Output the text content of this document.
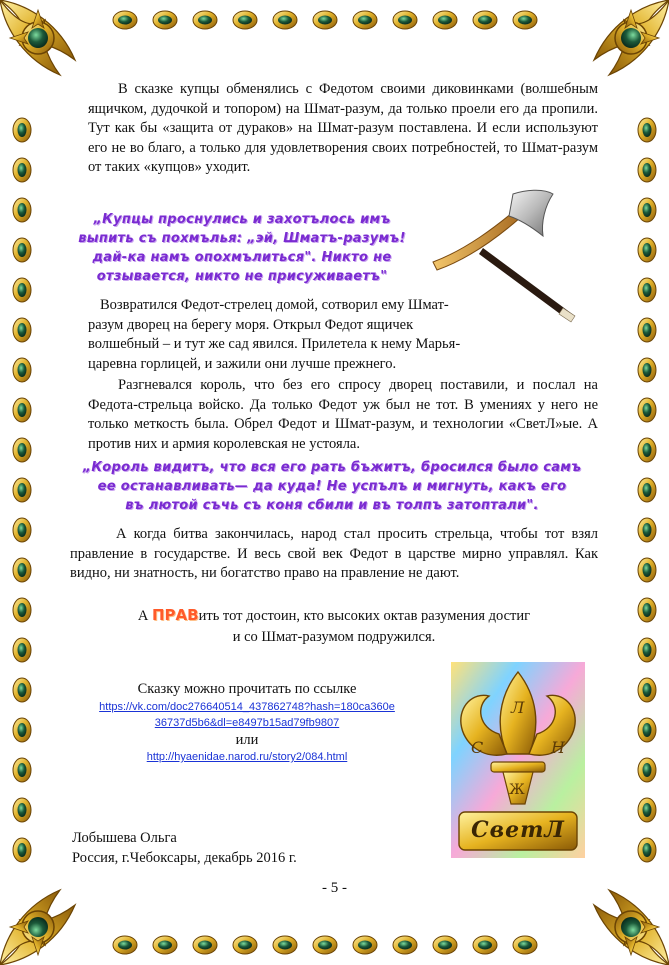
В сказке купцы обменялись с Федотом своими диковинками (волшебным ящичком, дудочкой и топором) на Шмат-разум, да только проели его да пропили. Тут как бы «защита от дураков» на Шмат-разум поставлена. И если используют его не во благо, а только для удовлетворения своих потребностей, то Шмат-разум от таких «купцов» уходит.

„Купцы проснулись и захотълось имъ
выпить съ похмълья: „эй, Шматъ-разумъ!
дай-ка намъ опохмълиться". Никто не
отзывается, никто не присуживаетъ"
Возвратился Федот-стрелец домой, сотворил ему Шмат-
разум дворец на берегу моря. Открыл Федот ящичек
волшебный – и тут же сад явился. Прилетела к нему Марья-
царевна горлицей, и зажили они лучше прежнего.

Разгневался король, что без его спросу дворец поставили, и послал на Федота-стрельца войско. Да только Федот уж был не тот. В умениях у него не только меткость была. Обрел Федот и Шмат-разум, и технологии «СветЛ»ые. А против них и армия королевская не устояла.

„Король видитъ, что вся его рать бъжитъ, бросился было самъ
ее останавливать— да куда! Не успълъ и мигнуть, какъ его
въ лютой съчь съ коня сбили и въ толпъ затоптали".

А когда битва закончилась, народ стал просить стрельца, чтобы тот взял правление в государстве. И весь свой век Федот в царстве мирно управлял. Как видно, ни знатность, ни богатство право на правление не дают.

А ПРАВить тот достоин, кто высоких октав разумения достиг
и со Шмат-разумом подружился.
Сказку можно прочитать по ссылке
https://vk.com/doc276640514_437862748?hash=180ca360e
36737d5b6&dl=e8497b15ad79fb9807
или
http://hyaenidae.narod.ru/story2/084.html
Л
С	Н
Ж
СветЛ
Лобышева Ольга
Россия, г.Чебоксары, декабрь 2016 г.
- 5 -
